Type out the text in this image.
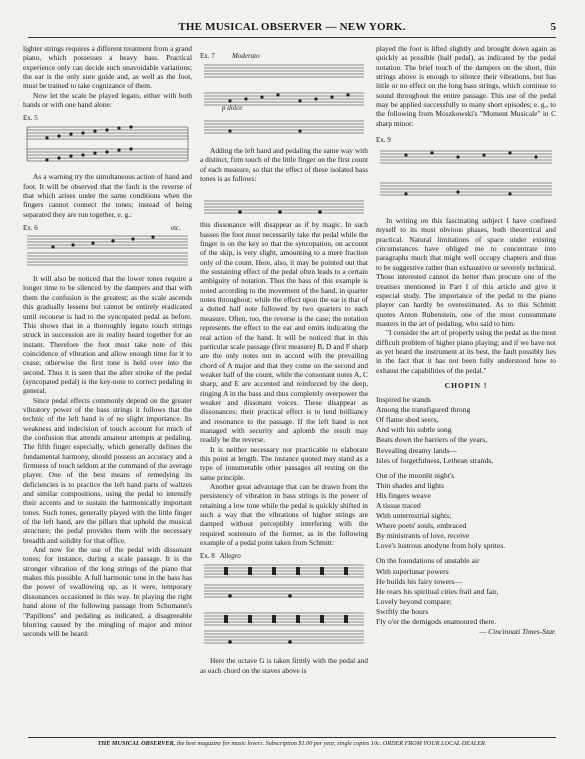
THE MUSICAL OBSERVER — NEW YORK.	5

lighter strings requires a different treatment from a grand piano, which possesses a heavy bass. Practical experience only can decide such unavoidable variations; the ear is the only sure guide and, as well as the foot, must be trained to take cognizance of them.

Now let the scale be played legato, either with both hands or with one hand alone:

Ex. 5

As a warning try the simultaneous action of hand and foot. It will be observed that the fault is the reverse of that which arises under the same conditions when the fingers cannot connect the tones; instead of being separated they are run together, e. g.:

Ex. 6	etc.

It will also be noticed that the lower tones require a longer time to be silenced by the dampers and that with them the confusion is the greatest; as the scale ascends this gradually lessens but cannot be entirely eradicated until recourse is had to the syncopated pedal as before. This shows that in a thoroughly legato touch strings struck in succession are in reality heard together for an instant. Therefore the foot must take note of this coincidence of vibration and allow enough time for it to cease; otherwise the first tone is held over into the second. Thus it is seen that the after stroke of the pedal (syncopated pedal) is the key-note to correct pedaling in general.

Since pedal effects commonly depend on the greater vibratory power of the bass strings it follows that the technic of the left hand is of no slight importance. Its weakness and indecision of touch account for much of the confusion that attends amateur attempts at pedaling. The fifth finger especially, which generally defines the fundamental harmony, should possess an accuracy and a firmness of touch seldom at the command of the average player. One of the best means of remedying its deficiencies is to practice the left hand parts of waltzes and similar compositions, using the pedal to intensify their accents and to sustain the harmonically important tones. Such tones, generally played with the little finger of the left hand, are the pillars that uphold the musical structure; the pedal provides them with the necessary breadth and solidity for that office.

And now for the use of the pedal with dissonant tones; for instance, during a scale passage. It is the stronger vibration of the long strings of the piano that makes this possible. A full harmonic tone in the bass has the power of swallowing up, as it were, temporary dissonances occasioned in this way. In playing the right hand alone of the following passage from Schumann's "Papillons" and pedaling as indicated, a disagreeable blurring caused by the mingling of major and minor seconds will be heard:

Ex. 7 Moderato
p dolce

Adding the left hand and pedaling the same way with a distinct, firm touch of the little finger on the first count of each measure, so that the effect of these isolated bass tones is as follows:

this dissonance will disappear as if by magic. In such basses the foot must necessarily take the pedal while the finger is on the key so that the syncopation, on account of the skip, is very slight, amounting to a mere fraction only of the count. Here, also, it may be pointed out that the sustaining effect of the pedal often leads to a certain ambiguity of notation. Thus the bass of this example is noted according to the movement of the hand, in quarter notes throughout; while the effect upon the ear is that of a dotted half note followed by two quarters to each measure. Often, too, the reverse is the case; the notation represents the effect to the ear and omits indicating the real action of the hand. It will be noticed that in this particular scale passage (first measure) B, D and F sharp are the only notes not in accord with the prevailing chord of A major and that they come on the second and weaker half of the count, while the consonant notes A, C sharp, and E are accented and reinforced by the deep, ringing A in the bass and thus completely overpower the weaker and dissonant voices. These disappear as dissonances; their practical effect is to lend brilliancy and resonance to the passage. If the left hand is not managed with security and aplomb the result may readily be the reverse.

It is neither necessary nor practicable to elaborate this point at length. The instance quoted may stand as a type of innumerable other passages all resting on the same principle.

Another great advantage that can be drawn from the persistency of vibration in bass strings is the power of retaining a low tone while the pedal is quickly shifted in such a way that the vibrations of higher strings are damped without perceptibly interfering with the required sostenuto of the former, as in the following example of a pedal point taken from Schmitt:

Ex. 8 Allegro

Here the octave G is taken firmly with the pedal and as each chord on the staves above is

played the foot is lifted slightly and brought down again as quickly as possible (half pedal), as indicated by the pedal notation. The brief touch of the dampers on the short, thin strings above is enough to silence their vibrations, but has little or no effect on the long bass strings, which continue to sound throughout the entire passage. This use of the pedal may be applied successfully to many short episodes; e. g., to the following from Moszkowski's "Moment Musicale" in C sharp minor:

Ex. 9

In writing on this fascinating subject I have confined myself to its most obvious phases, both theoretical and practical. Natural limitations of space under existing circumstances have obliged me to concentrate into paragraphs much that might well occupy chapters and thus to be suggestive rather than exhaustive or severely technical. Those interested cannot do better than procure one of the treatises mentioned in Part I of this article and give it especial study. The importance of the pedal to the piano player can hardly be overestimated. As to this Schmitt quotes Anton Rubenstein, one of the most consummate masters in the art of pedaling, who said to him:

"I consider the art of properly using the pedal as the most difficult problem of higher piano playing; and if we have not as yet heard the instrument at its best, the fault possibly lies in the fact that it has not been fully understood how to exhaust the capabilities of the pedal."

CHOPIN !
Inspired he stands
Among the transfigured throng
Of flame shod seers,
And with his subtle song
Beats down the barriers of the years,
Revealing dreamy lands—
Isles of forgetfulness, Lethean strands,
Out of the moonlit night's
Thin shades and lights
His fingers weave
A tissue traced
With unterrestrial sights;
Where poets' souls, embraced
By ministrants of love, receive
Love's lustrous anodyne from holy sprites.
On the foundations of unstable air
With superlunar powers
He builds his fairy towers—
He rears his spiritual cities frail and fair,
Lovely beyond compare;
Swiftly the hours
Fly o'er the demigods enamoured there.
— Cincinnati Times-Star.
THE MUSICAL OBSERVER, the best magazine for music lovers. Subscription $1.00 per year, single copies 10c. ORDER FROM YOUR LOCAL DEALER.
